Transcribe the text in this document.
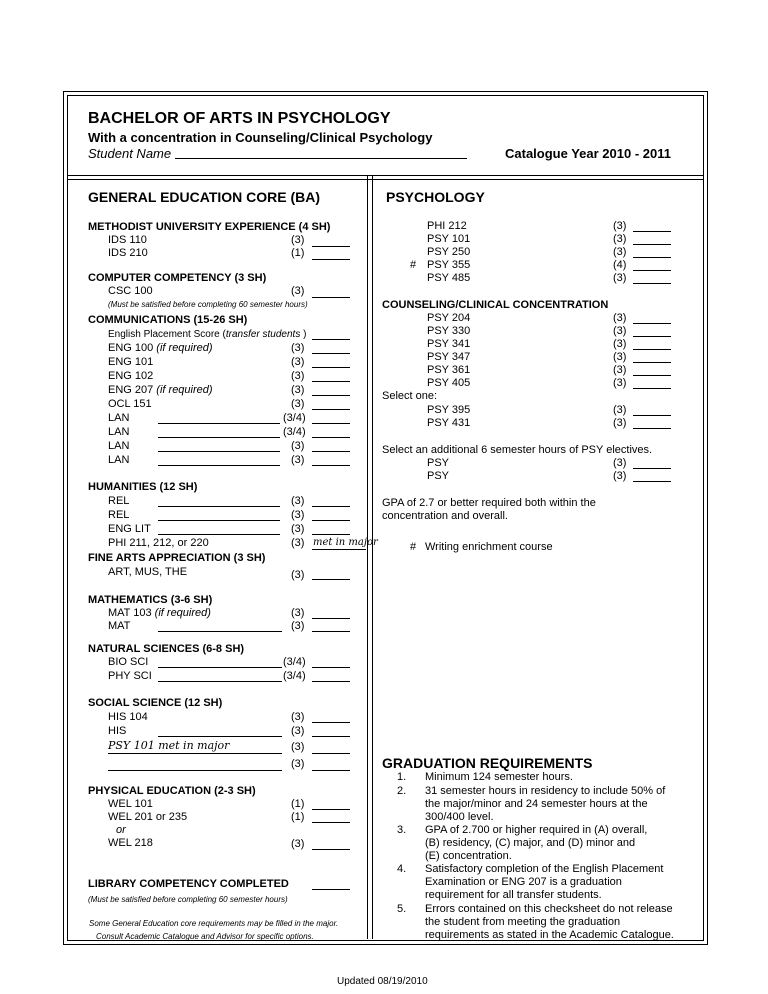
BACHELOR OF ARTS IN PSYCHOLOGY
With a concentration in Counseling/Clinical Psychology
Student Name	Catalogue Year 2010 - 2011
GENERAL EDUCATION CORE (BA)
METHODIST UNIVERSITY EXPERIENCE (4 SH)
IDS 110	(3)
IDS 210	(1)
COMPUTER COMPETENCY (3 SH)
CSC 100	(3)
(Must be satisfied before completing 60 semester hours)
COMMUNICATIONS (15-26 SH)
English Placement Score (transfer students )
ENG 100 (if required)	(3)
ENG 101	(3)
ENG 102	(3)
ENG 207 (if required)	(3)
OCL 151	(3)
LAN	(3/4)
LAN	(3/4)
LAN	(3)
LAN	(3)
HUMANITIES (12 SH)
REL	(3)
REL	(3)
ENG LIT	(3)
PHI 211, 212, or 220	(3) met in major
FINE ARTS APPRECIATION (3 SH)
ART, MUS, THE	(3)
MATHEMATICS (3-6 SH)
MAT 103 (if required)	(3)
MAT	(3)
NATURAL SCIENCES (6-8 SH)
BIO SCI	(3/4)
PHY SCI	(3/4)
SOCIAL SCIENCE (12 SH)
HIS 104	(3)
HIS	(3)
PSY 101 met in major	(3)
(3)
PHYSICAL EDUCATION (2-3 SH)
WEL 101	(1)
WEL 201 or 235	(1)
or
WEL 218	(3)
LIBRARY COMPETENCY COMPLETED
(Must be satisfied before completing 60 semester hours)
Some General Education core requirements may be filled in the major.
Consult Academic Catalogue and Advisor for specific options.
PSYCHOLOGY
PHI 212	(3)
PSY 101	(3)
PSY 250	(3)
# PSY 355	(4)
PSY 485	(3)
COUNSELING/CLINICAL CONCENTRATION
PSY 204	(3)
PSY 330	(3)
PSY 341	(3)
PSY 347	(3)
PSY 361	(3)
PSY 405	(3)
Select one:
PSY 395	(3)
PSY 431	(3)
Select an additional 6 semester hours of PSY electives.
PSY	(3)
PSY	(3)
GPA of 2.7 or better required both within the
concentration and overall.
# Writing enrichment course
GRADUATION REQUIREMENTS
1. Minimum 124 semester hours.
2. 31 semester hours in residency to include 50% of
the major/minor and 24 semester hours at the
300/400 level.
3. GPA of 2.700 or higher required in (A) overall,
(B) residency, (C) major, and (D) minor and
(E) concentration.
4. Satisfactory completion of the English Placement
Examination or ENG 207 is a graduation
requirement for all transfer students.
5. Errors contained on this checksheet do not release
the student from meeting the graduation
requirements as stated in the Academic Catalogue.
Updated 08/19/2010
